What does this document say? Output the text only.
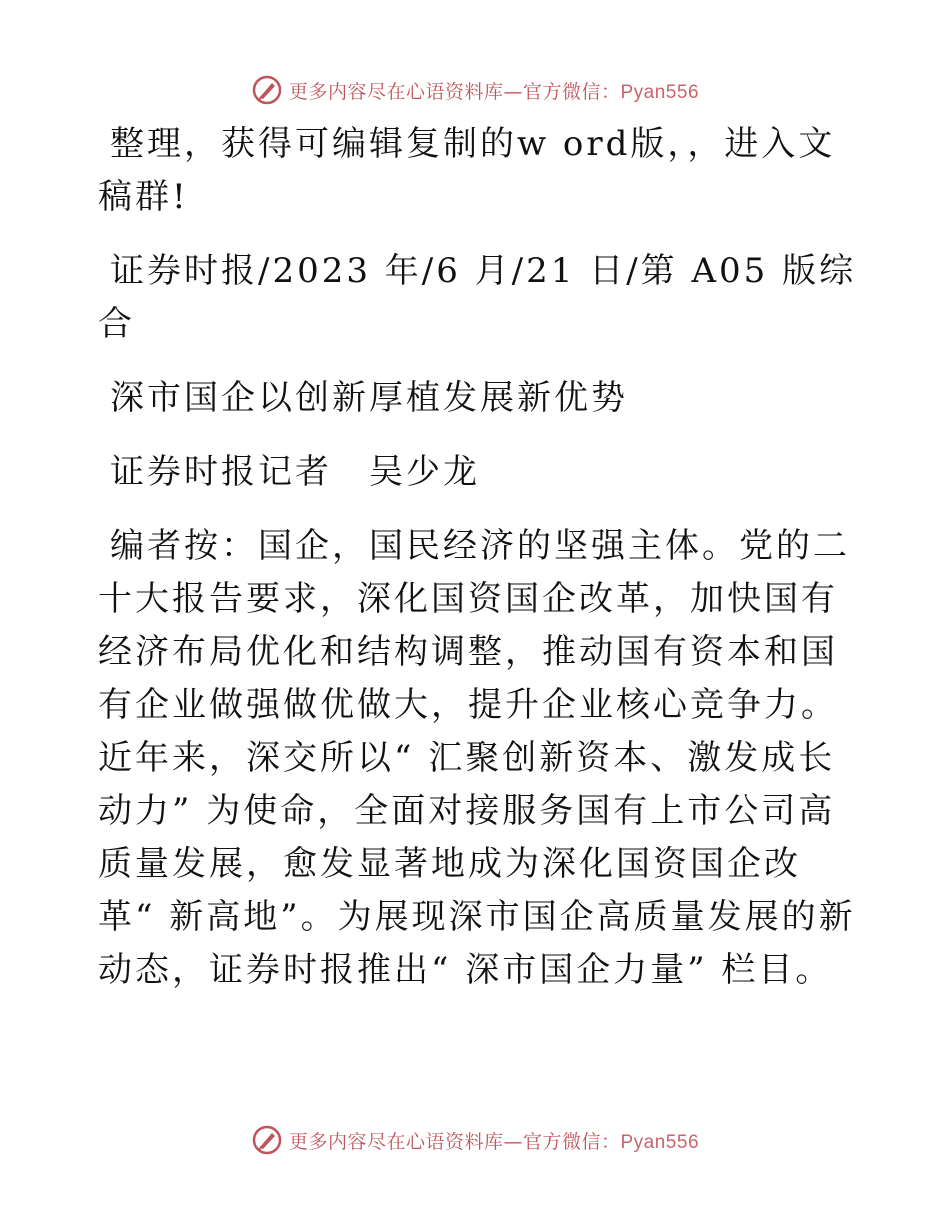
更多内容尽在心语资料库—官方微信：Pyan556

整理，获得可编辑复制的w ord版，，进入文稿群!

证券时报/2023 年/6 月/21 日/第 A05 版综合

深市国企以创新厚植发展新优势

证券时报记者　吴少龙

编者按：国企，国民经济的坚强主体。党的二十大报告要求，深化国资国企改革，加快国有经济布局优化和结构调整，推动国有资本和国有企业做强做优做大，提升企业核心竞争力。近年来，深交所以“ 汇聚创新资本、激发成长动力” 为使命，全面对接服务国有上市公司高质量发展，愈发显著地成为深化国资国企改革“ 新高地”。为展现深市国企高质量发展的新动态，证券时报推出“ 深市国企力量” 栏目。

更多内容尽在心语资料库—官方微信：Pyan556
